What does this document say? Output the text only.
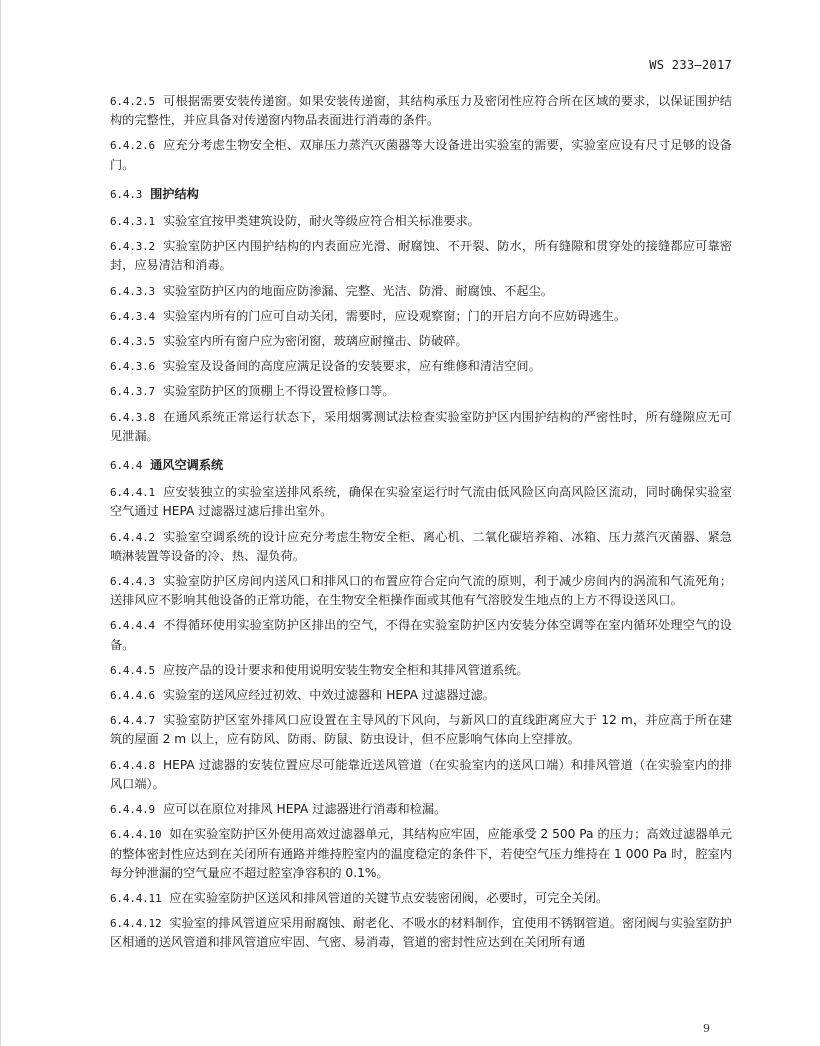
WS 233—2017

6.4.2.5 可根据需要安装传递窗。如果安装传递窗，其结构承压力及密闭性应符合所在区域的要求，以保证围护结构的完整性，并应具备对传递窗内物品表面进行消毒的条件。

6.4.2.6 应充分考虑生物安全柜、双扉压力蒸汽灭菌器等大设备进出实验室的需要，实验室应设有尺寸足够的设备门。

6.4.3 围护结构

6.4.3.1 实验室宜按甲类建筑设防，耐火等级应符合相关标准要求。

6.4.3.2 实验室防护区内围护结构的内表面应光滑、耐腐蚀、不开裂、防水，所有缝隙和贯穿处的接缝都应可靠密封，应易清洁和消毒。

6.4.3.3 实验室防护区内的地面应防渗漏、完整、光洁、防滑、耐腐蚀、不起尘。

6.4.3.4 实验室内所有的门应可自动关闭，需要时，应设观察窗；门的开启方向不应妨碍逃生。

6.4.3.5 实验室内所有窗户应为密闭窗，玻璃应耐撞击、防破碎。

6.4.3.6 实验室及设备间的高度应满足设备的安装要求，应有维修和清洁空间。

6.4.3.7 实验室防护区的顶棚上不得设置检修口等。

6.4.3.8 在通风系统正常运行状态下，采用烟雾测试法检查实验室防护区内围护结构的严密性时，所有缝隙应无可见泄漏。

6.4.4 通风空调系统

6.4.4.1 应安装独立的实验室送排风系统，确保在实验室运行时气流由低风险区向高风险区流动，同时确保实验室空气通过 HEPA 过滤器过滤后排出室外。

6.4.4.2 实验室空调系统的设计应充分考虑生物安全柜、离心机、二氧化碳培养箱、冰箱、压力蒸汽灭菌器、紧急喷淋装置等设备的冷、热、湿负荷。

6.4.4.3 实验室防护区房间内送风口和排风口的布置应符合定向气流的原则，利于减少房间内的涡流和气流死角；送排风应不影响其他设备的正常功能，在生物安全柜操作面或其他有气溶胶发生地点的上方不得设送风口。

6.4.4.4 不得循环使用实验室防护区排出的空气，不得在实验室防护区内安装分体空调等在室内循环处理空气的设备。

6.4.4.5 应按产品的设计要求和使用说明安装生物安全柜和其排风管道系统。

6.4.4.6 实验室的送风应经过初效、中效过滤器和 HEPA 过滤器过滤。

6.4.4.7 实验室防护区室外排风口应设置在主导风的下风向，与新风口的直线距离应大于 12 m，并应高于所在建筑的屋面 2 m 以上，应有防风、防雨、防鼠、防虫设计，但不应影响气体向上空排放。

6.4.4.8 HEPA 过滤器的安装位置应尽可能靠近送风管道（在实验室内的送风口端）和排风管道（在实验室内的排风口端）。

6.4.4.9 应可以在原位对排风 HEPA 过滤器进行消毒和检漏。

6.4.4.10 如在实验室防护区外使用高效过滤器单元，其结构应牢固，应能承受 2 500 Pa 的压力；高效过滤器单元的整体密封性应达到在关闭所有通路并维持腔室内的温度稳定的条件下，若使空气压力维持在 1 000 Pa 时，腔室内每分钟泄漏的空气量应不超过腔室净容积的 0.1%。

6.4.4.11 应在实验室防护区送风和排风管道的关键节点安装密闭阀，必要时，可完全关闭。

6.4.4.12 实验室的排风管道应采用耐腐蚀、耐老化、不吸水的材料制作，宜使用不锈钢管道。密闭阀与实验室防护区相通的送风管道和排风管道应牢固、气密、易消毒，管道的密封性应达到在关闭所有通

9
